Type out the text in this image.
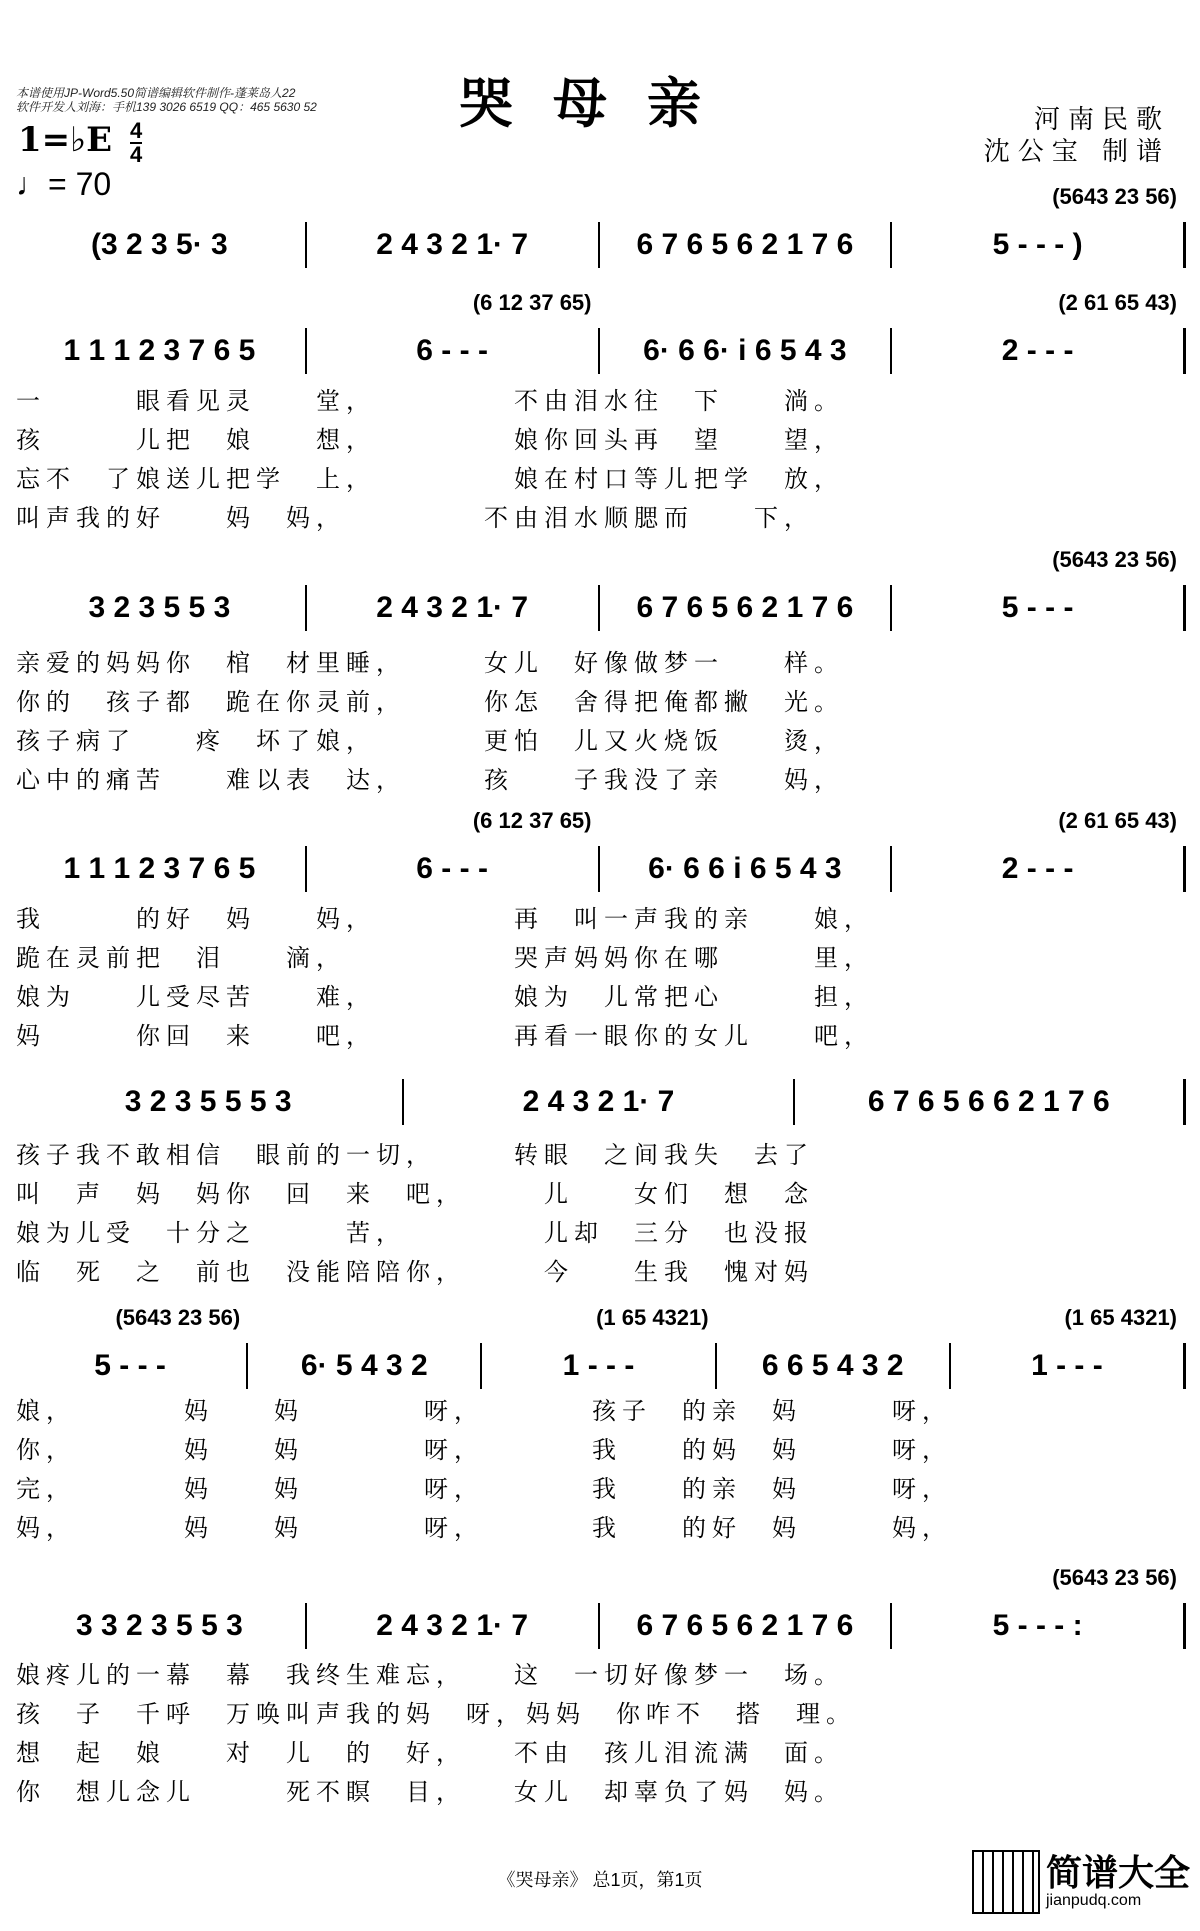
哭母亲
本谱使用JP-Word5.50简谱编辑软件制作-蓬莱岛人22
软件开发人刘海：手机139 3026 6519 QQ：465 5630 52
1=♭E 4
4
♩= 70
河南民歌
沈公宝 制谱
(3 2 3 5· 3	2 4 3 2 1· 7	6 7 6 5 6 2 1 7 6	5 - - - )
(5643 23 56)
1 1 1 2 3 7 6 5	6 - - -
(6 12 37 65)
6· 6 6· i 6 5 4 3	2 - - -
(2 61 65 43)
一　　　眼看见灵　　堂，　　　　　不由泪水往　下　　淌。
孩　　　儿把　娘　　想，　　　　　娘你回头再　望　　望，
忘不　了娘送儿把学　上，　　　　　娘在村口等儿把学　放，
叫声我的好　　妈　妈，　　　　　不由泪水顺腮而　　下，
3 2 3 5 5 3	2 4 3 2 1· 7	6 7 6 5 6 2 1 7 6	5 - - -
(5643 23 56)
亲爱的妈妈你　棺　材里睡，　　　女儿　好像做梦一　　样。
你的　孩子都　跪在你灵前，　　　你怎　舍得把俺都撇　光。
孩子病了　　疼　坏了娘，　　　　更怕　儿又火烧饭　　烫，
心中的痛苦　　难以表　达，　　　孩　　子我没了亲　　妈，
1 1 1 2 3 7 6 5	6 - - -
(6 12 37 65)
6· 6 6 i 6 5 4 3	2 - - -
(2 61 65 43)
我　　　的好　妈　　妈，　　　　　再　叫一声我的亲　　娘，
跪在灵前把　泪　　滴，　　　　　　哭声妈妈你在哪　　　里，
娘为　　儿受尽苦　　难，　　　　　娘为　儿常把心　　　担，
妈　　　你回　来　　吧，　　　　　再看一眼你的女儿　　吧，
3 2 3 5 5 5 3	2 4 3 2 1· 7	6 7 6 5 6 6 2 1 7 6
孩子我不敢相信　眼前的一切，　　　转眼　之间我失　去了
叫　声　妈　妈你　回　来　吧，　　　儿　　女们　想　念
娘为儿受　十分之　　　苦，　　　　　儿却　三分　也没报
临　死　之　前也　没能陪陪你，　　　今　　生我　愧对妈
5 - - -
(5643 23 56)
6· 5 4 3 2	1 - - -
(1 65 4321)
6 6 5 4 3 2	1 - - -
(1 65 4321)
娘，　　　　妈　　妈　　　　呀，　　　　孩子　的亲　妈　　　呀，
你，　　　　妈　　妈　　　　呀，　　　　我　　的妈　妈　　　呀，
完，　　　　妈　　妈　　　　呀，　　　　我　　的亲　妈　　　呀，
妈，　　　　妈　　妈　　　　呀，　　　　我　　的好　妈　　　妈，
3 3 2 3 5 5 3	2 4 3 2 1· 7	6 7 6 5 6 2 1 7 6	5 - - - :
(5643 23 56)
娘疼儿的一幕　幕　我终生难忘，　　这　一切好像梦一　场。
孩　子　千呼　万唤叫声我的妈　呀，妈妈　你咋不　搭　理。
想　起　娘　　对　儿　的　好，　　不由　孩儿泪流满　面。
你　想儿念儿　　　死不瞑　目，　　女儿　却辜负了妈　妈。
《哭母亲》 总1页，第1页	简谱大全
jianpudq.com
